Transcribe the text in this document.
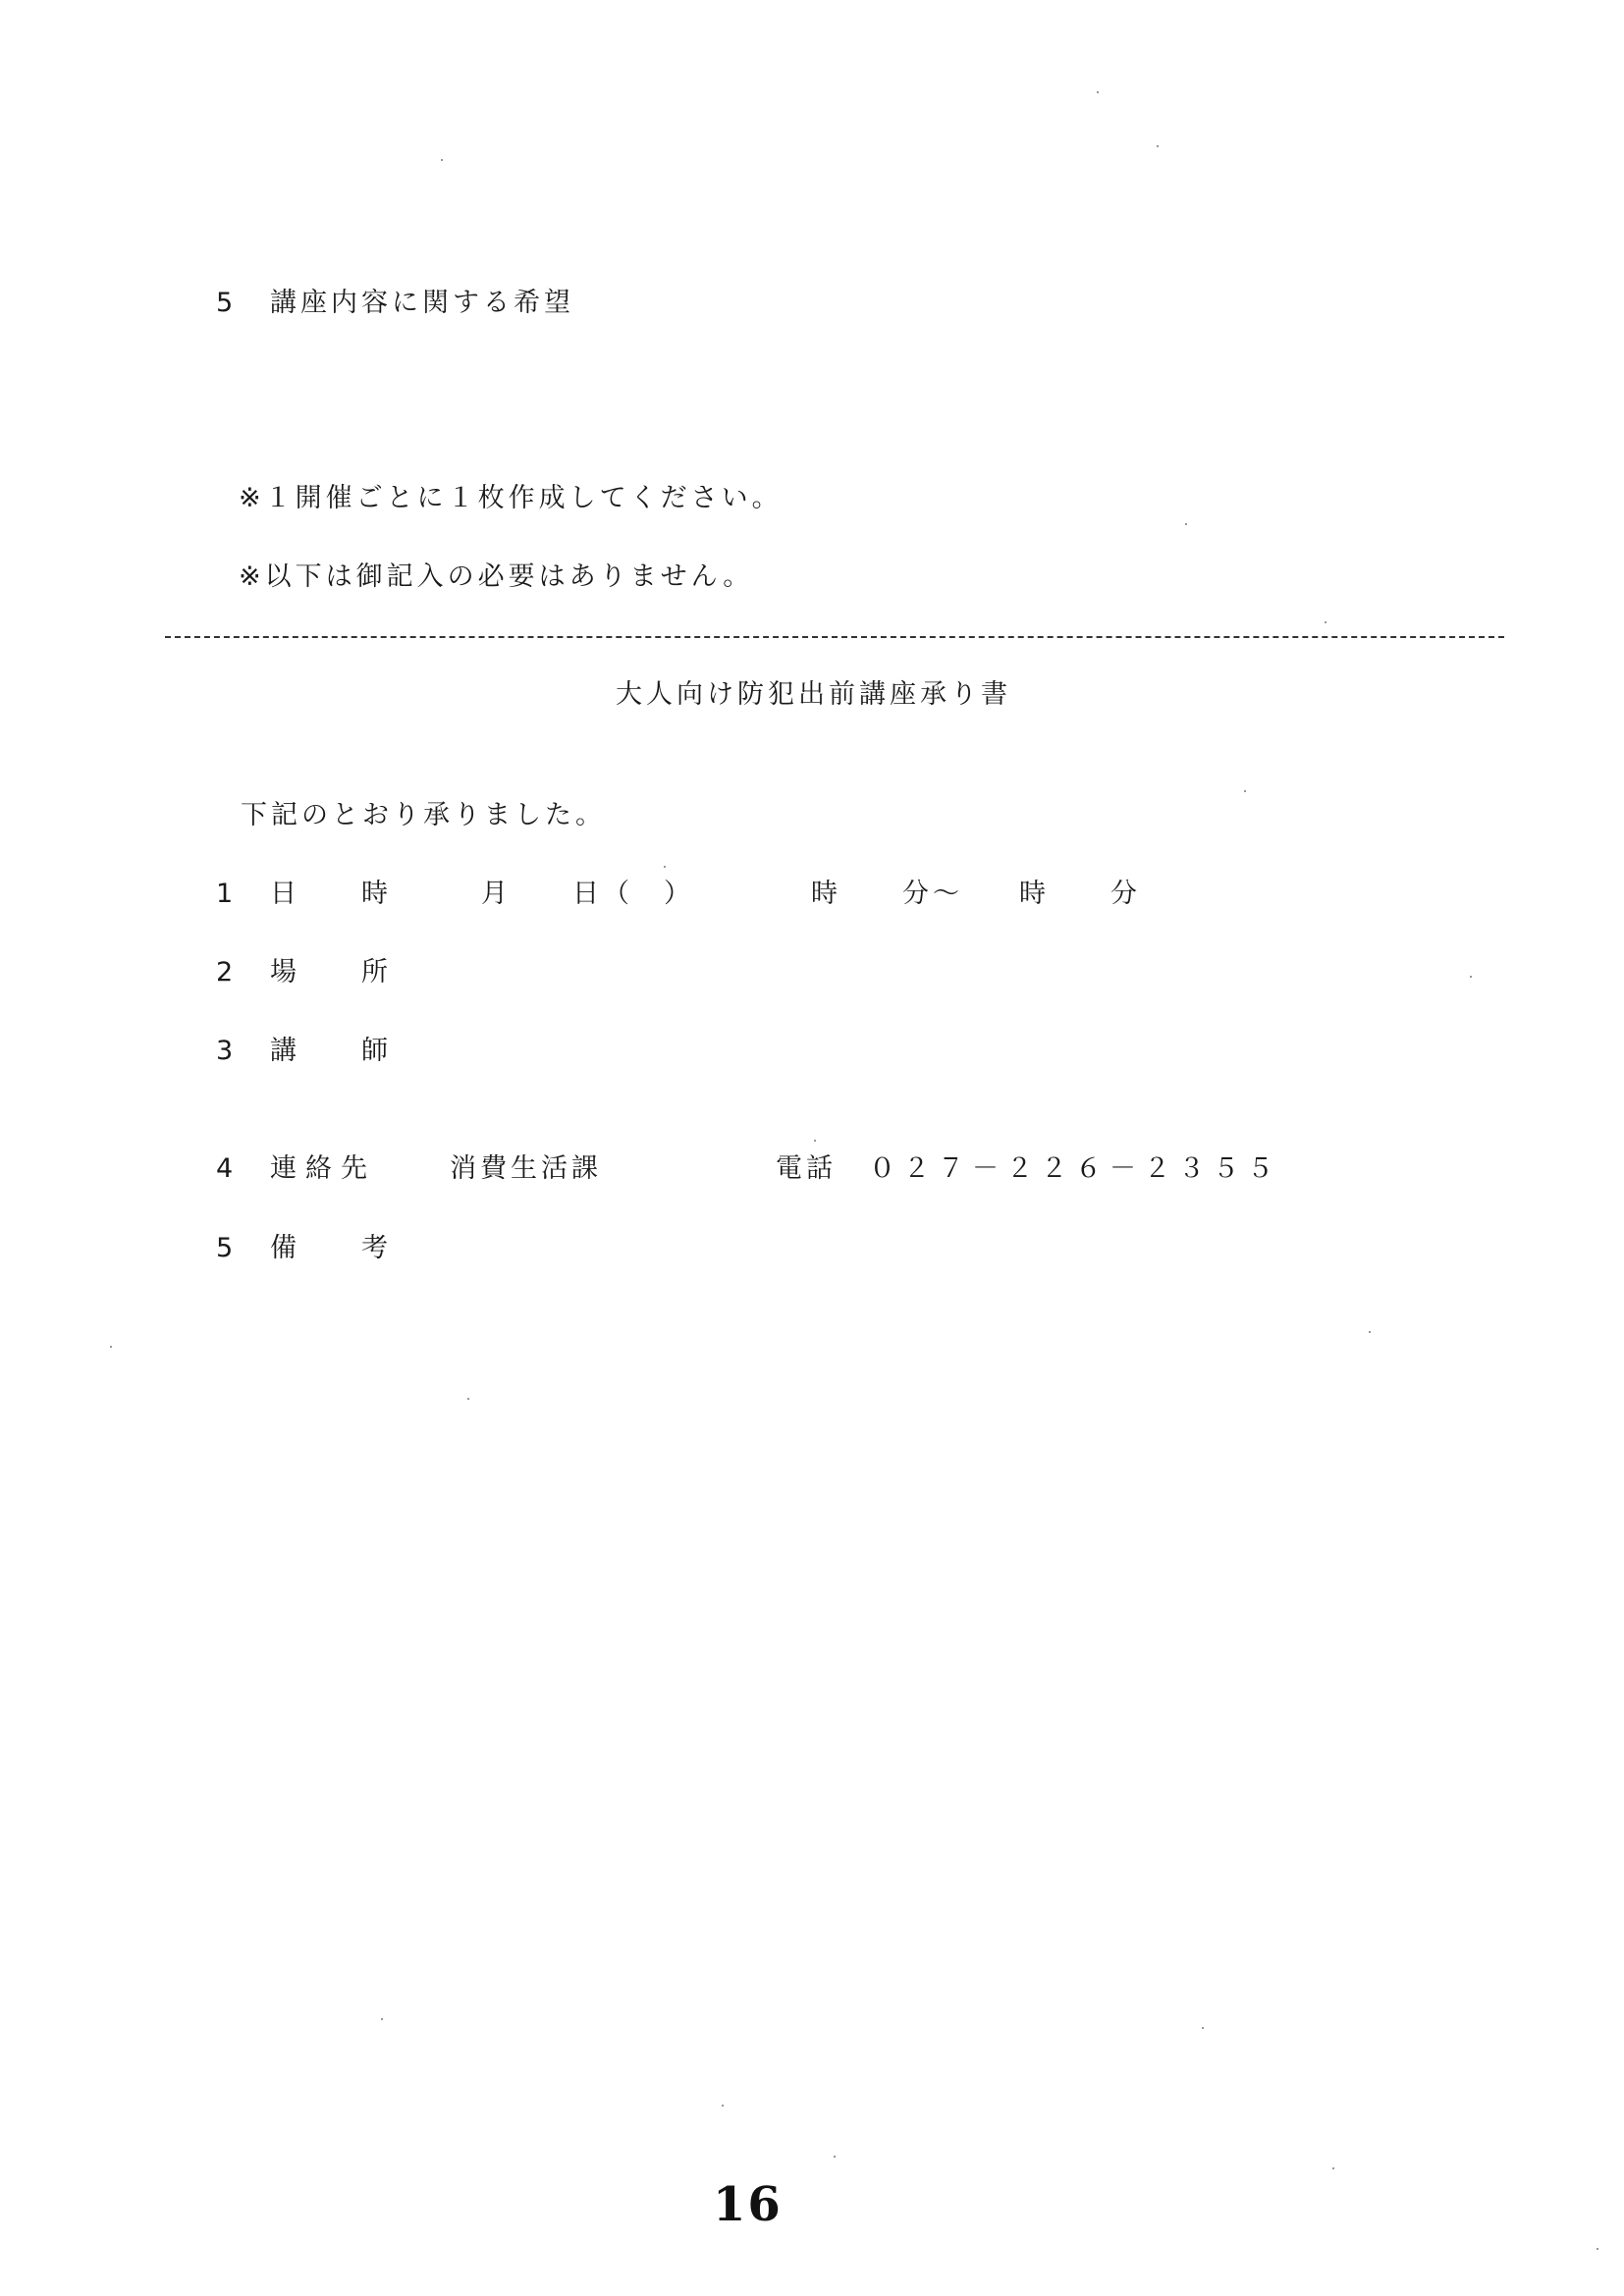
5 講座内容に関する希望
※１開催ごとに１枚作成してください。
※以下は御記入の必要はありません。
大人向け防犯出前講座承り書
下記のとおり承りました。
1 日　　時	月 日（　）	時　　分～ 時　　分
2 場　　所
3 講　　師
4 連絡先	消費生活課	電話 ０２７－２２６－２３５５
5 備　　考
16
